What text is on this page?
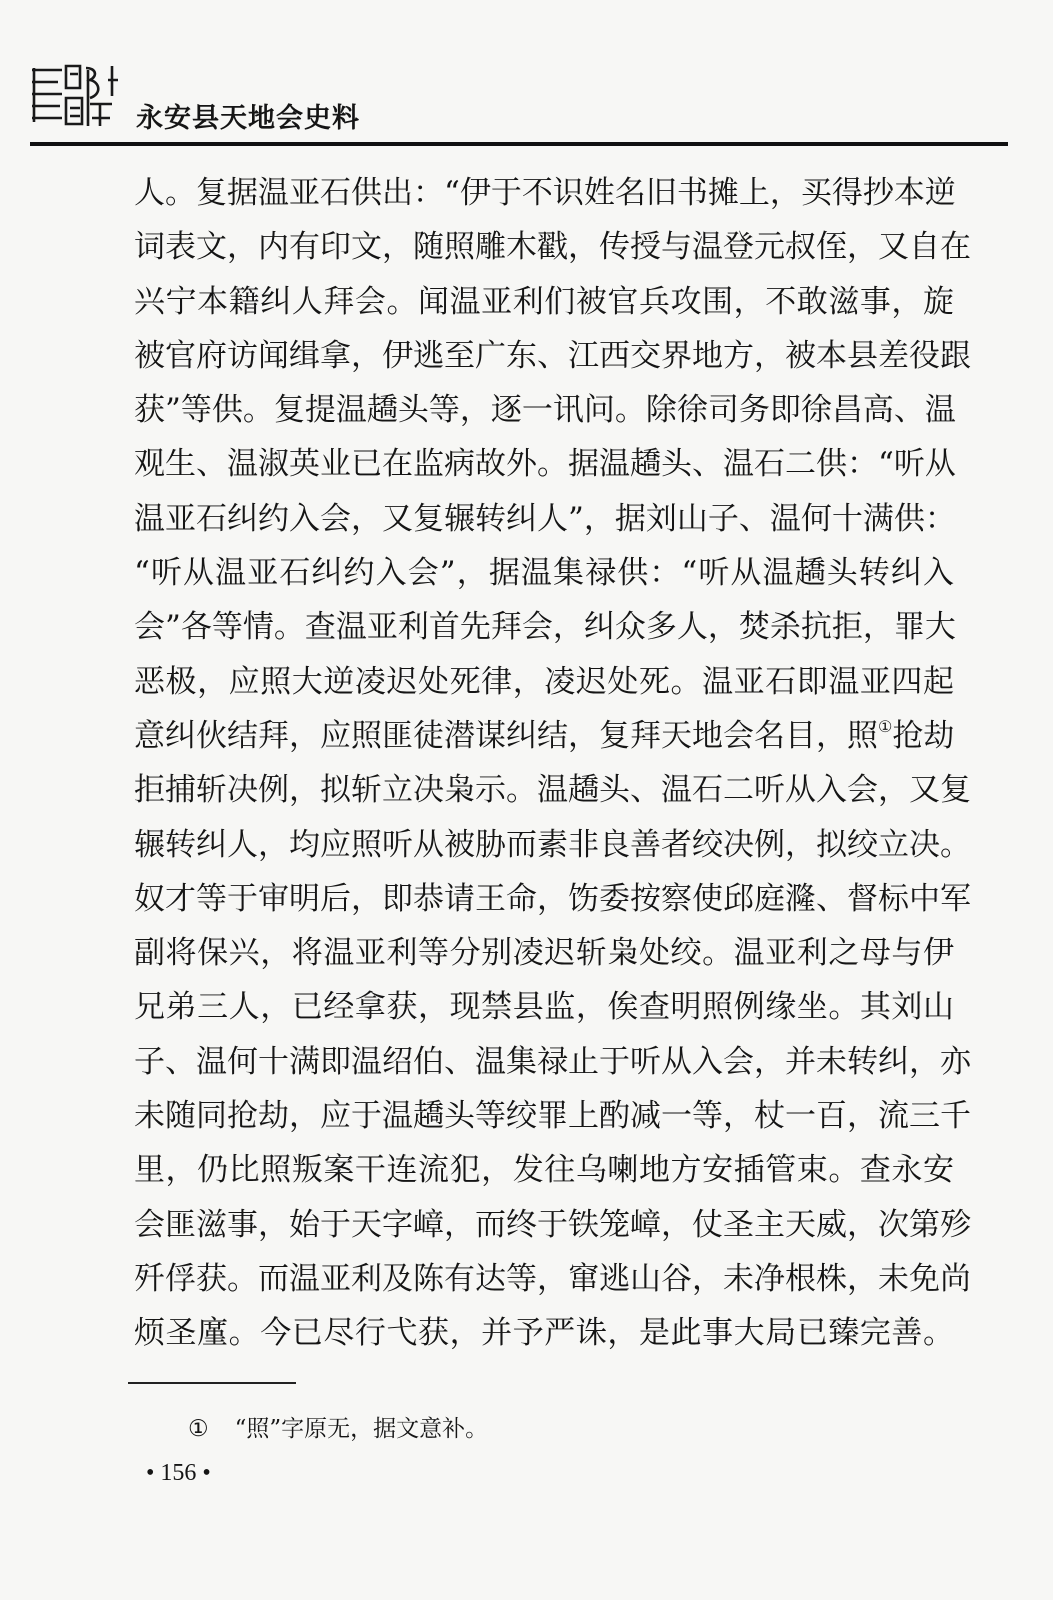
永安县天地会史料
人。复据温亚石供出：“伊于不识姓名旧书摊上，买得抄本逆
词表文，内有印文，随照雕木戳，传授与温登元叔侄，又自在
兴宁本籍纠人拜会。闻温亚利们被官兵攻围，不敢滋事，旋
被官府访闻缉拿，伊逃至广东、江西交界地方，被本县差役跟
获”等供。复提温趫头等，逐一讯问。除徐司务即徐昌高、温
观生、温淑英业已在监病故外。据温趫头、温石二供：“听从
温亚石纠约入会，又复辗转纠人”，据刘山子、温何十满供：
“听从温亚石纠约入会”，据温集禄供：“听从温趫头转纠入
会”各等情。查温亚利首先拜会，纠众多人，焚杀抗拒，罪大
恶极，应照大逆凌迟处死律，凌迟处死。温亚石即温亚四起
意纠伙结拜，应照匪徒潜谋纠结，复拜天地会名目，照①抢劫
拒捕斩决例，拟斩立决枭示。温趫头、温石二听从入会，又复
辗转纠人，均应照听从被胁而素非良善者绞决例，拟绞立决。
奴才等于审明后，即恭请王命，饬委按察使邱庭漋、督标中军
副将保兴，将温亚利等分别凌迟斩枭处绞。温亚利之母与伊
兄弟三人，已经拿获，现禁县监，俟查明照例缘坐。其刘山
子、温何十满即温绍伯、温集禄止于听从入会，并未转纠，亦
未随同抢劫，应于温趫头等绞罪上酌减一等，杖一百，流三千
里，仍比照叛案干连流犯，发往乌喇地方安插管束。查永安
会匪滋事，始于天字嶂，而终于铁笼嶂，仗圣主天威，次第殄
歼俘获。而温亚利及陈有达等，窜逃山谷，未净根株，未免尚
烦圣廑。今已尽行弋获，并予严诛，是此事大局已臻完善。
① “照”字原无，据文意补。
• 156 •
